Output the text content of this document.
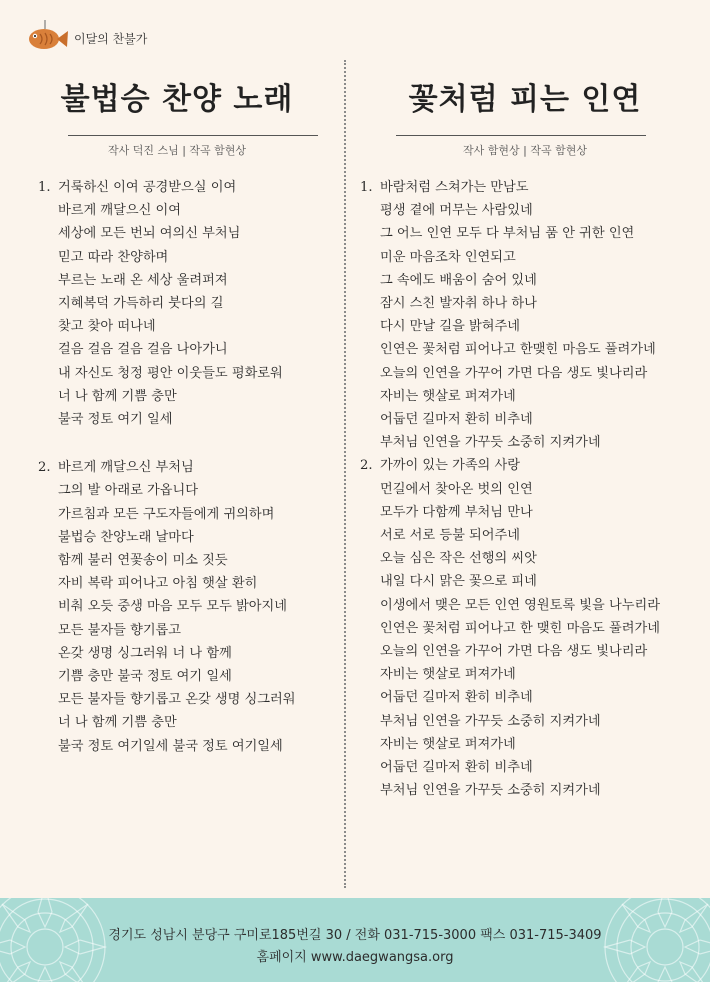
이달의 찬불가
불법승 찬양 노래
작사 덕진 스님 | 작곡 함현상
1. 거룩하신 이여 공경받으실 이여
바르게 깨달으신 이여
세상에 모든 번뇌 여의신 부처님
믿고 따라 찬양하며
부르는 노래 온 세상 울려퍼져
지혜복덕 가득하리 붓다의 길
찾고 찾아 떠나네
걸음 걸음 걸음 걸음 나아가니
내 자신도 청정 평안 이웃들도 평화로워
너 나 함께 기쁨 충만
불국 정토 여기 일세
2. 바르게 깨달으신 부처님
그의 발 아래로 가옵니다
가르침과 모든 구도자들에게 귀의하며
불법승 찬양노래 날마다
함께 불러 연꽃송이 미소 짓듯
자비 복락 피어나고 아침 햇살 환히
비춰 오듯 중생 마음 모두 모두 밝아지네
모든 불자들 향기롭고
온갖 생명 싱그러워 너 나 함께
기쁨 충만 불국 정토 여기 일세
모든 불자들 향기롭고 온갖 생명 싱그러워
너 나 함께 기쁨 충만
불국 정토 여기일세 불국 정토 여기일세
꽃처럼 피는 인연
작사 함현상 | 작곡 함현상
1. 바람처럼 스쳐가는 만남도
평생 곁에 머무는 사람있네
그 어느 인연 모두 다 부처님 품 안 귀한 인연
미운 마음조차 인연되고
그 속에도 배움이 숨어 있네
잠시 스친 발자취 하나 하나
다시 만날 길을 밝혀주네
인연은 꽃처럼 피어나고 한맺힌 마음도 풀려가네
오늘의 인연을 가꾸어 가면 다음 생도 빛나리라
자비는 햇살로 퍼져가네
어둡던 길마저 환히 비추네
부처님 인연을 가꾸듯 소중히 지켜가네
2. 가까이 있는 가족의 사랑
먼길에서 찾아온 벗의 인연
모두가 다함께 부처님 만나
서로 서로 등불 되어주네
오늘 심은 작은 선행의 씨앗
내일 다시 맑은 꽃으로 피네
이생에서 맺은 모든 인연 영원토록 빛을 나누리라
인연은 꽃처럼 피어나고 한 맺힌 마음도 풀려가네
오늘의 인연을 가꾸어 가면 다음 생도 빛나리라
자비는 햇살로 퍼져가네
어둡던 길마저 환히 비추네
부처님 인연을 가꾸듯 소중히 지켜가네
자비는 햇살로 퍼져가네
어둡던 길마저 환히 비추네
부처님 인연을 가꾸듯 소중히 지켜가네
경기도 성남시 분당구 구미로185번길 30 / 전화 031-715-3000 팩스 031-715-3409
홈페이지 www.daegwangsa.org
